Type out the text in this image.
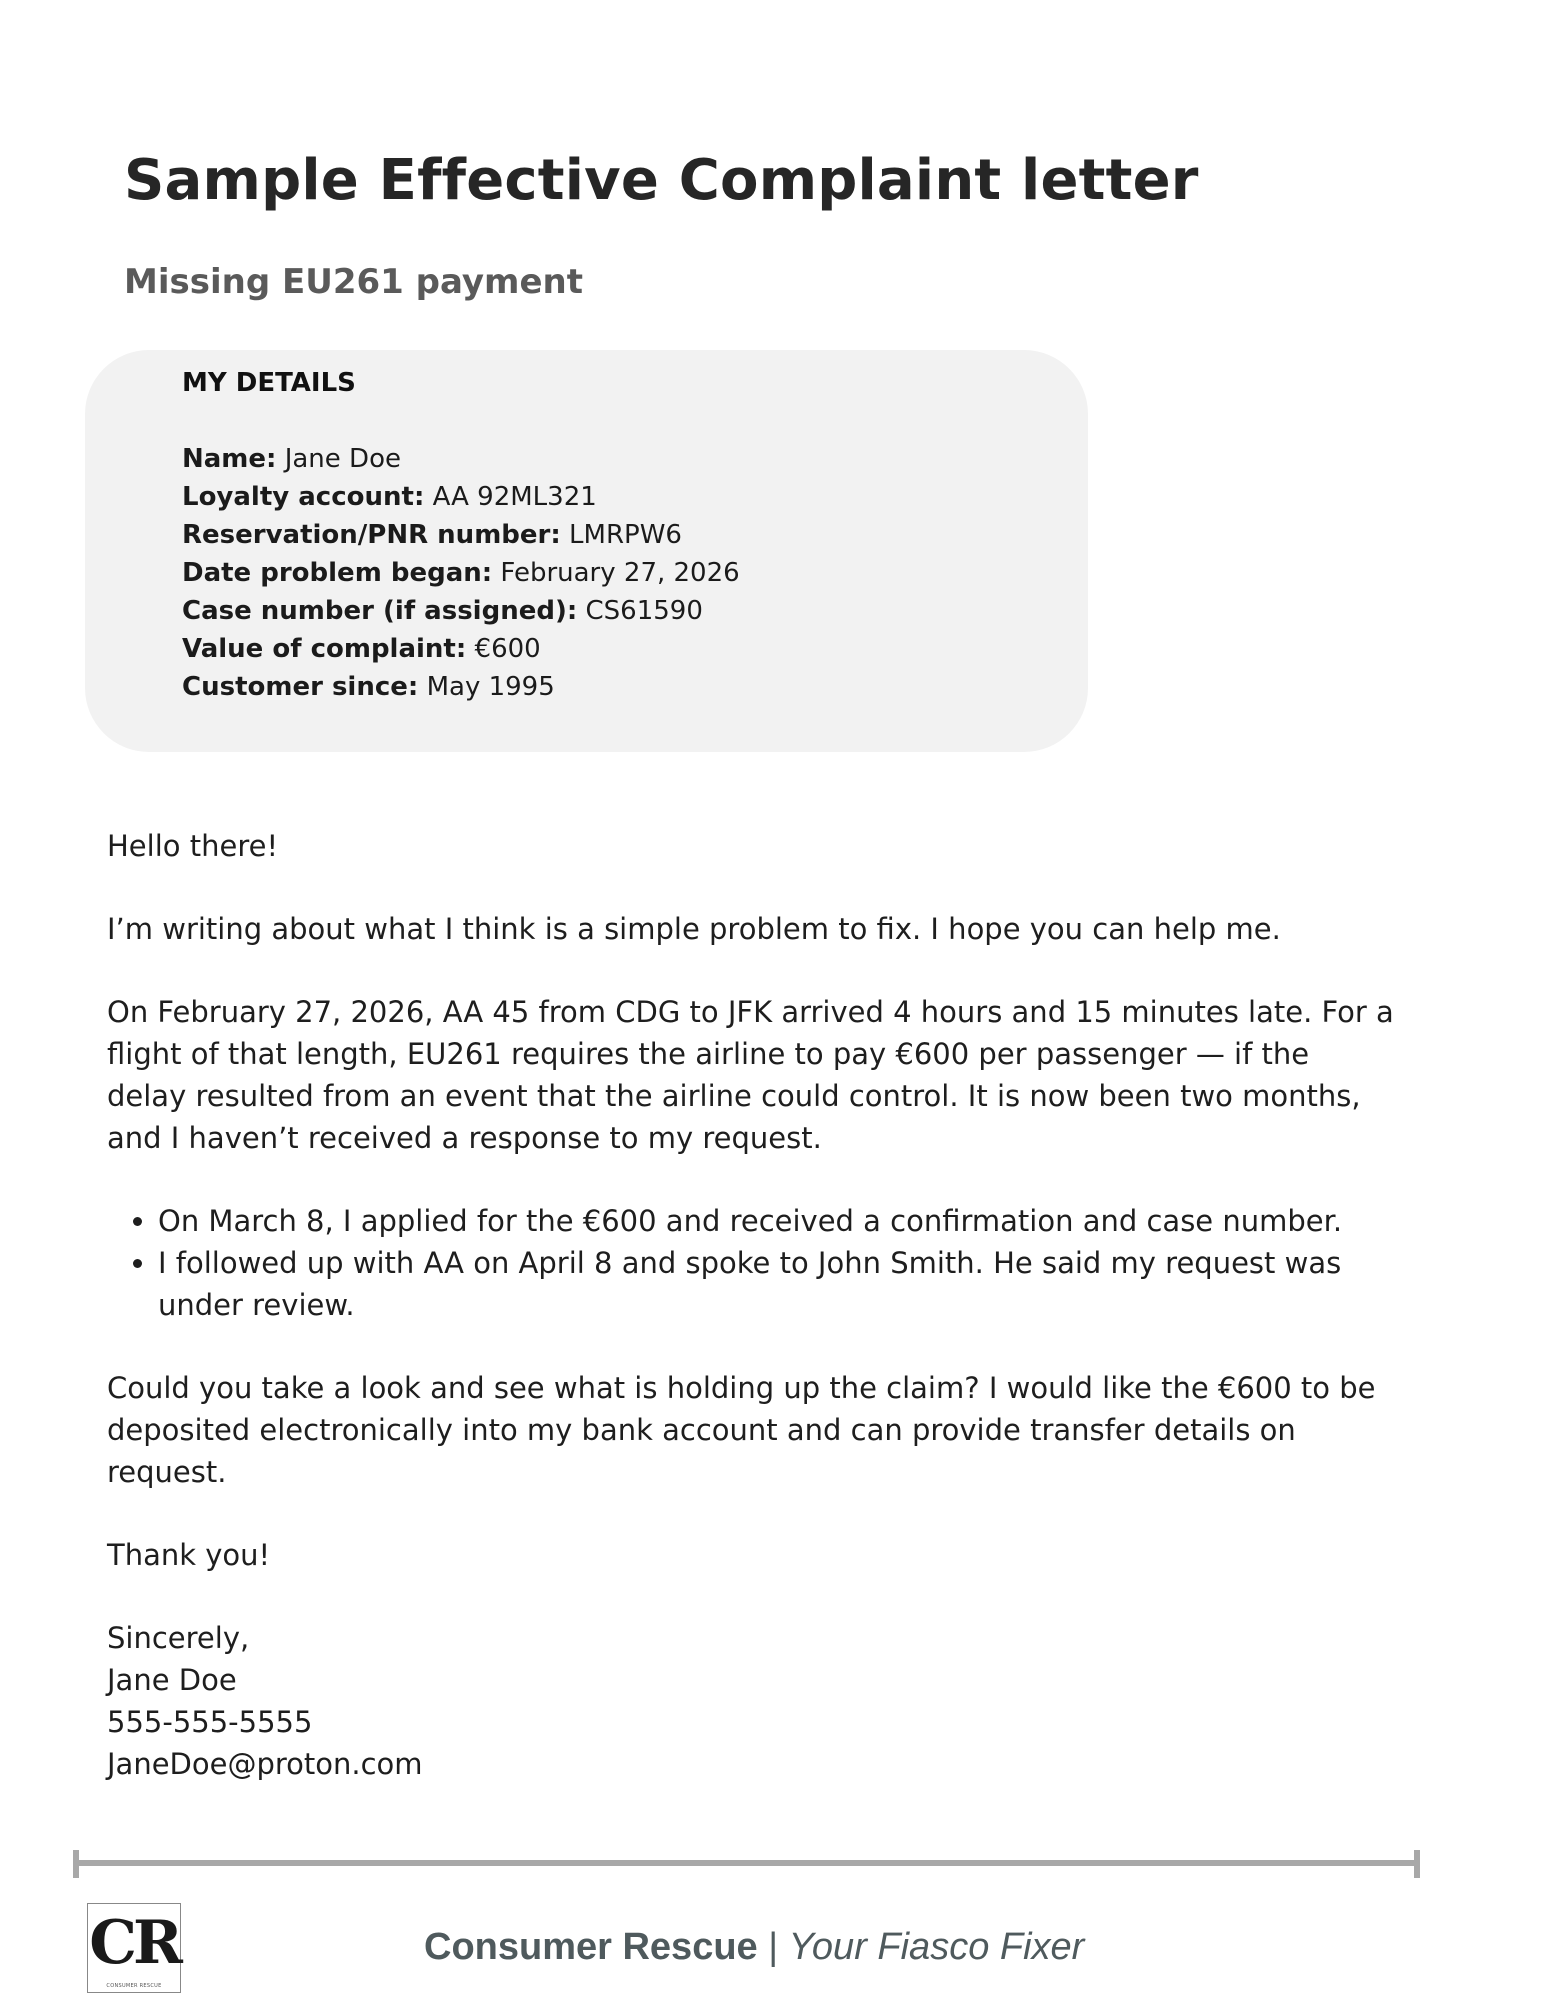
Sample Effective Complaint letter
Missing EU261 payment
MY DETAILS
Name: Jane Doe
Loyalty account: AA 92ML321
Reservation/PNR number: LMRPW6
Date problem began: February 27, 2026
Case number (if assigned): CS61590
Value of complaint: €600
Customer since: May 1995

Hello there!

I’m writing about what I think is a simple problem to fix. I hope you can help me.

On February 27, 2026, AA 45 from CDG to JFK arrived 4 hours and 15 minutes late. For a flight of that length, EU261 requires the airline to pay €600 per passenger — if the delay resulted from an event that the airline could control. It is now been two months, and I haven’t received a response to my request.

• On March 8, I applied for the €600 and received a confirmation and case number.
• I followed up with AA on April 8 and spoke to John Smith. He said my request was under review.

Could you take a look and see what is holding up the claim? I would like the €600 to be deposited electronically into my bank account and can provide transfer details on request.

Thank you!

Sincerely,

Jane Doe

555-555-5555

JaneDoe@proton.com

CR
CONSUMER RESCUE
Consumer Rescue | Your Fiasco Fixer
